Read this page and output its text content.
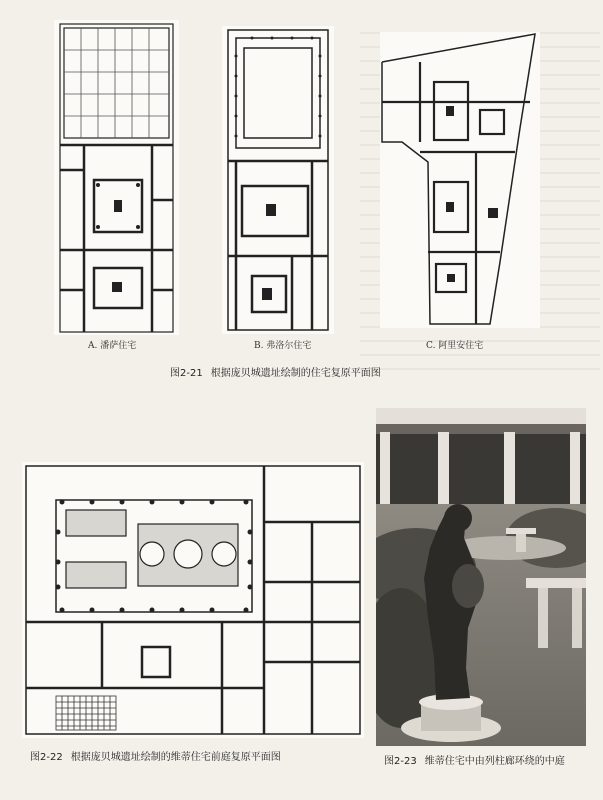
A. 潘萨住宅	B. 弗洛尔住宅	C. 阿里安住宅
图2-21 根据庞贝城遗址绘制的住宅复原平面图
图2-22 根据庞贝城遗址绘制的维蒂住宅前庭复原平面图	图2-23 维蒂住宅中由列柱廊环绕的中庭
